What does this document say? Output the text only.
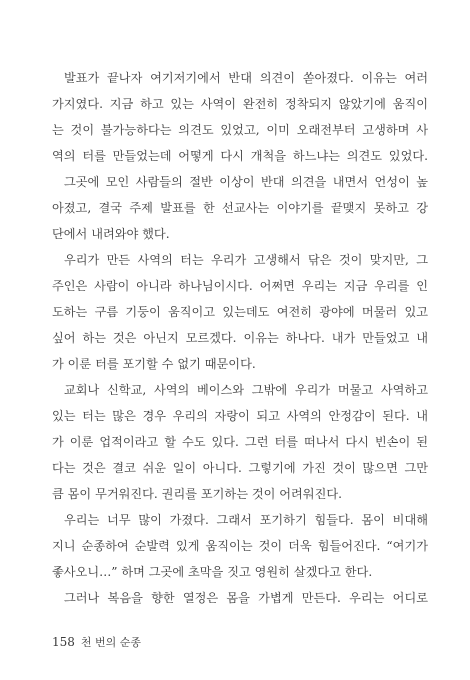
발표가 끝나자 여기저기에서 반대 의견이 쏟아졌다. 이유는 여러
가지였다. 지금 하고 있는 사역이 완전히 정착되지 않았기에 움직이
는 것이 불가능하다는 의견도 있었고, 이미 오래전부터 고생하며 사
역의 터를 만들었는데 어떻게 다시 개척을 하느냐는 의견도 있었다.
그곳에 모인 사람들의 절반 이상이 반대 의견을 내면서 언성이 높
아졌고, 결국 주제 발표를 한 선교사는 이야기를 끝맺지 못하고 강
단에서 내려와야 했다.
우리가 만든 사역의 터는 우리가 고생해서 닦은 것이 맞지만, 그
주인은 사람이 아니라 하나님이시다. 어쩌면 우리는 지금 우리를 인
도하는 구름 기둥이 움직이고 있는데도 여전히 광야에 머물러 있고
싶어 하는 것은 아닌지 모르겠다. 이유는 하나다. 내가 만들었고 내
가 이룬 터를 포기할 수 없기 때문이다.
교회나 신학교, 사역의 베이스와 그밖에 우리가 머물고 사역하고
있는 터는 많은 경우 우리의 자랑이 되고 사역의 안정감이 된다. 내
가 이룬 업적이라고 할 수도 있다. 그런 터를 떠나서 다시 빈손이 된
다는 것은 결코 쉬운 일이 아니다. 그렇기에 가진 것이 많으면 그만
큼 몸이 무거워진다. 권리를 포기하는 것이 어려워진다.
우리는 너무 많이 가졌다. 그래서 포기하기 힘들다. 몸이 비대해
지니 순종하여 순발력 있게 움직이는 것이 더욱 힘들어진다. “여기가
좋사오니…” 하며 그곳에 초막을 짓고 영원히 살겠다고 한다.
그러나 복음을 향한 열정은 몸을 가볍게 만든다. 우리는 어디로
158 천 번의 순종
